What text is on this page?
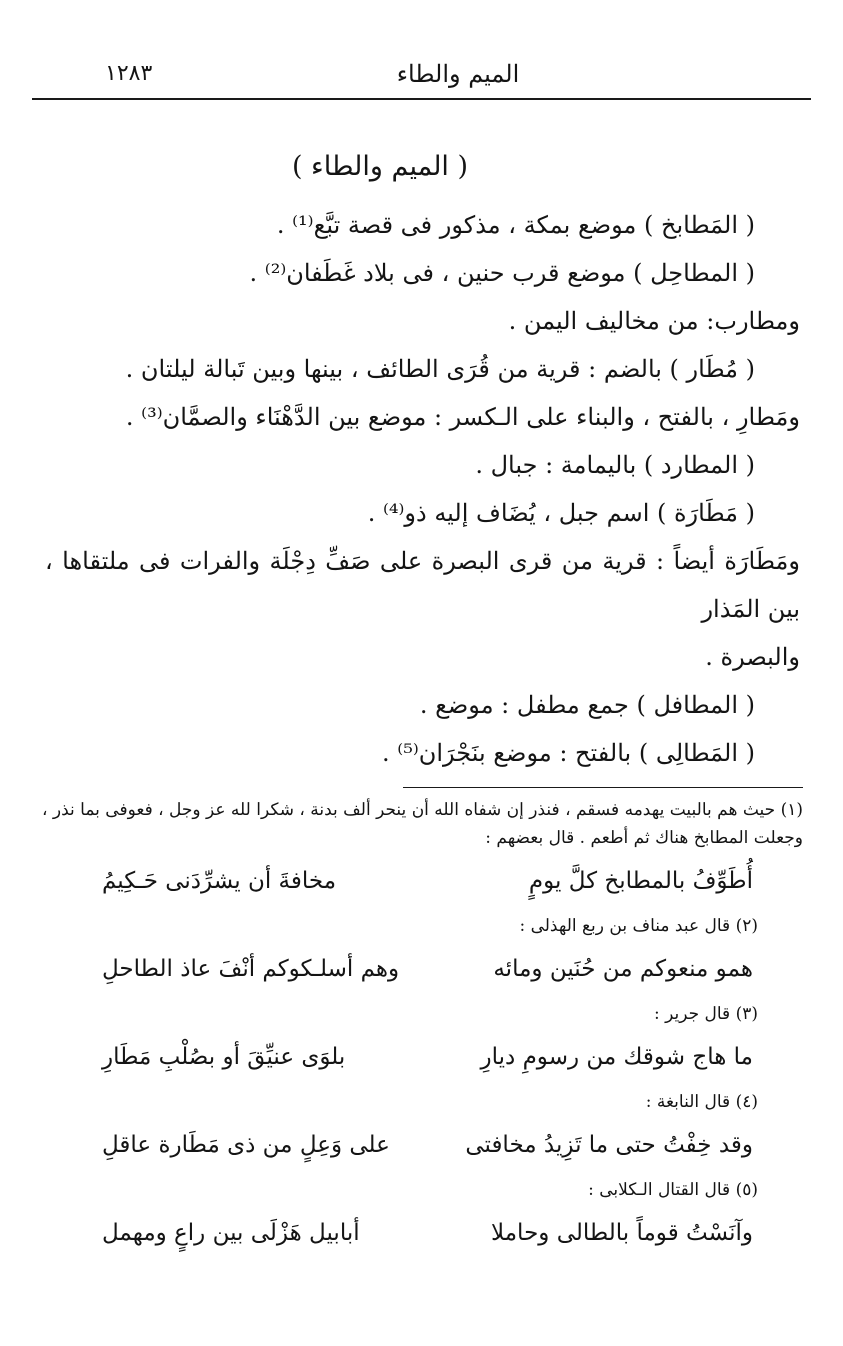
الميم والطاء
١٢٨٣
( الميم والطاء )

( المَطابخ ) موضع بمكة ، مذكور فى قصة تبَّع⁽¹⁾ .

( المطاحِل ) موضع قرب حنين ، فى بلاد غَطَفان⁽²⁾ .

ومطارب: من مخاليف اليمن .

( مُطَار ) بالضم : قرية من قُرَى الطائف ، بينها وبين تَبالة ليلتان .

ومَطارِ ، بالفتح ، والبناء على الـكسر : موضع بين الدَّهْنَاء والصمَّان⁽³⁾ .

( المطارد ) باليمامة : جبال .

( مَطَارَة ) اسم جبل ، يُضَاف إليه ذو⁽⁴⁾ .

ومَطَارَة أيضاً : قرية من قرى البصرة على صَفِّ دِجْلَة والفرات فى ملتقاها ، بين المَذار

والبصرة .

( المطافل ) جمع مطفل : موضع .

( المَطالِى ) بالفتح : موضع بنَجْرَان⁽⁵⁾ .

(١) حيث هم بالبيت يهدمه فسقم ، فنذر إن شفاه الله أن ينحر ألف بدنة ، شكرا لله عز وجل ، فعوفى بما نذر ، وجعلت المطابخ هناك ثم أطعم . قال بعضهم :

أُطَوِّفُ بالمطابخ كلَّ يومٍ
مخافةَ أن يشرِّدَنى حَـكِيمُ

(٢) قال عبد مناف بن ربع الهذلى :

همو منعوكم من حُنَين ومائه
وهم أسلـكوكم أنْفَ عاذ الطاحلِ

(٣) قال جرير :

ما هاج شوقك من رسومِ ديارِ
بلوَى عنيِّقَ أو بصُلْبِ مَطَارِ

(٤) قال النابغة :

وقد خِفْتُ حتى ما تَزِيدُ مخافتى
على وَعِلٍ من ذى مَطَارة عاقلِ

(٥) قال القتال الـكلابى :

وآنَسْتُ قوماً بالطالى وحاملا
أبابيل هَزْلَى بين راعٍ ومهمل
